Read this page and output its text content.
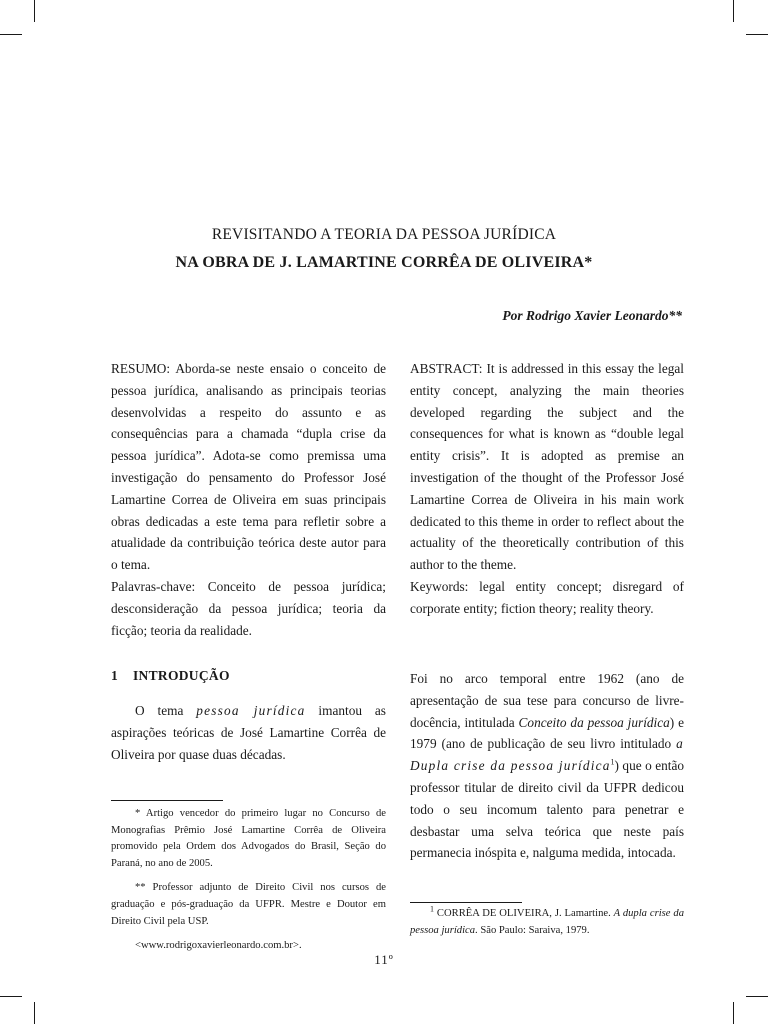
REVISITANDO A TEORIA DA PESSOA JURÍDICA
NA OBRA DE J. LAMARTINE CORRÊA DE OLIVEIRA*
Por Rodrigo Xavier Leonardo**

RESUMO: Aborda-se neste ensaio o conceito de pessoa jurídica, analisando as principais teorias desenvolvidas a respeito do assunto e as consequências para a chamada “dupla crise da pessoa jurídica”. Adota-se como premissa uma investigação do pensamento do Professor José Lamartine Correa de Oliveira em suas principais obras dedicadas a este tema para refletir sobre a atualidade da contribuição teórica deste autor para o tema.

Palavras-chave: Conceito de pessoa jurídica; desconsideração da pessoa jurídica; teoria da ficção; teoria da realidade.

ABSTRACT: It is addressed in this essay the legal entity concept, analyzing the main theories developed regarding the subject and the consequences for what is known as “double legal entity crisis”. It is adopted as premise an investigation of the thought of the Professor José Lamartine Correa de Oliveira in his main work dedicated to this theme in order to reflect about the actuality of the theoretically contribution of this author to the theme.

Keywords: legal entity concept; disregard of corporate entity; fiction theory; reality theory.

1 INTRODUÇÃO

O tema pessoa jurídica imantou as aspirações teóricas de José Lamartine Corrêa de Oliveira por quase duas décadas.

Foi no arco temporal entre 1962 (ano de apresentação de sua tese para concurso de livre-docência, intitulada Conceito da pessoa jurídica) e 1979 (ano de publicação de seu livro intitulado a Dupla crise da pessoa jurídica$^1$) que o então professor titular de direito civil da UFPR dedicou todo o seu incomum talento para penetrar e desbastar uma selva teórica que neste país permanecia inóspita e, nalguma medida, intocada.

* Artigo vencedor do primeiro lugar no Concurso de Monografias Prêmio José Lamartine Corrêa de Oliveira promovido pela Ordem dos Advogados do Brasil, Seção do Paraná, no ano de 2005.

** Professor adjunto de Direito Civil nos cursos de graduação e pós-graduação da UFPR. Mestre e Doutor em Direito Civil pela USP.

<www.rodrigoxavierleonardo.com.br>.

$^1$ CORRÊA DE OLIVEIRA, J. Lamartine. A dupla crise da pessoa jurídica. São Paulo: Saraiva, 1979.

11º
